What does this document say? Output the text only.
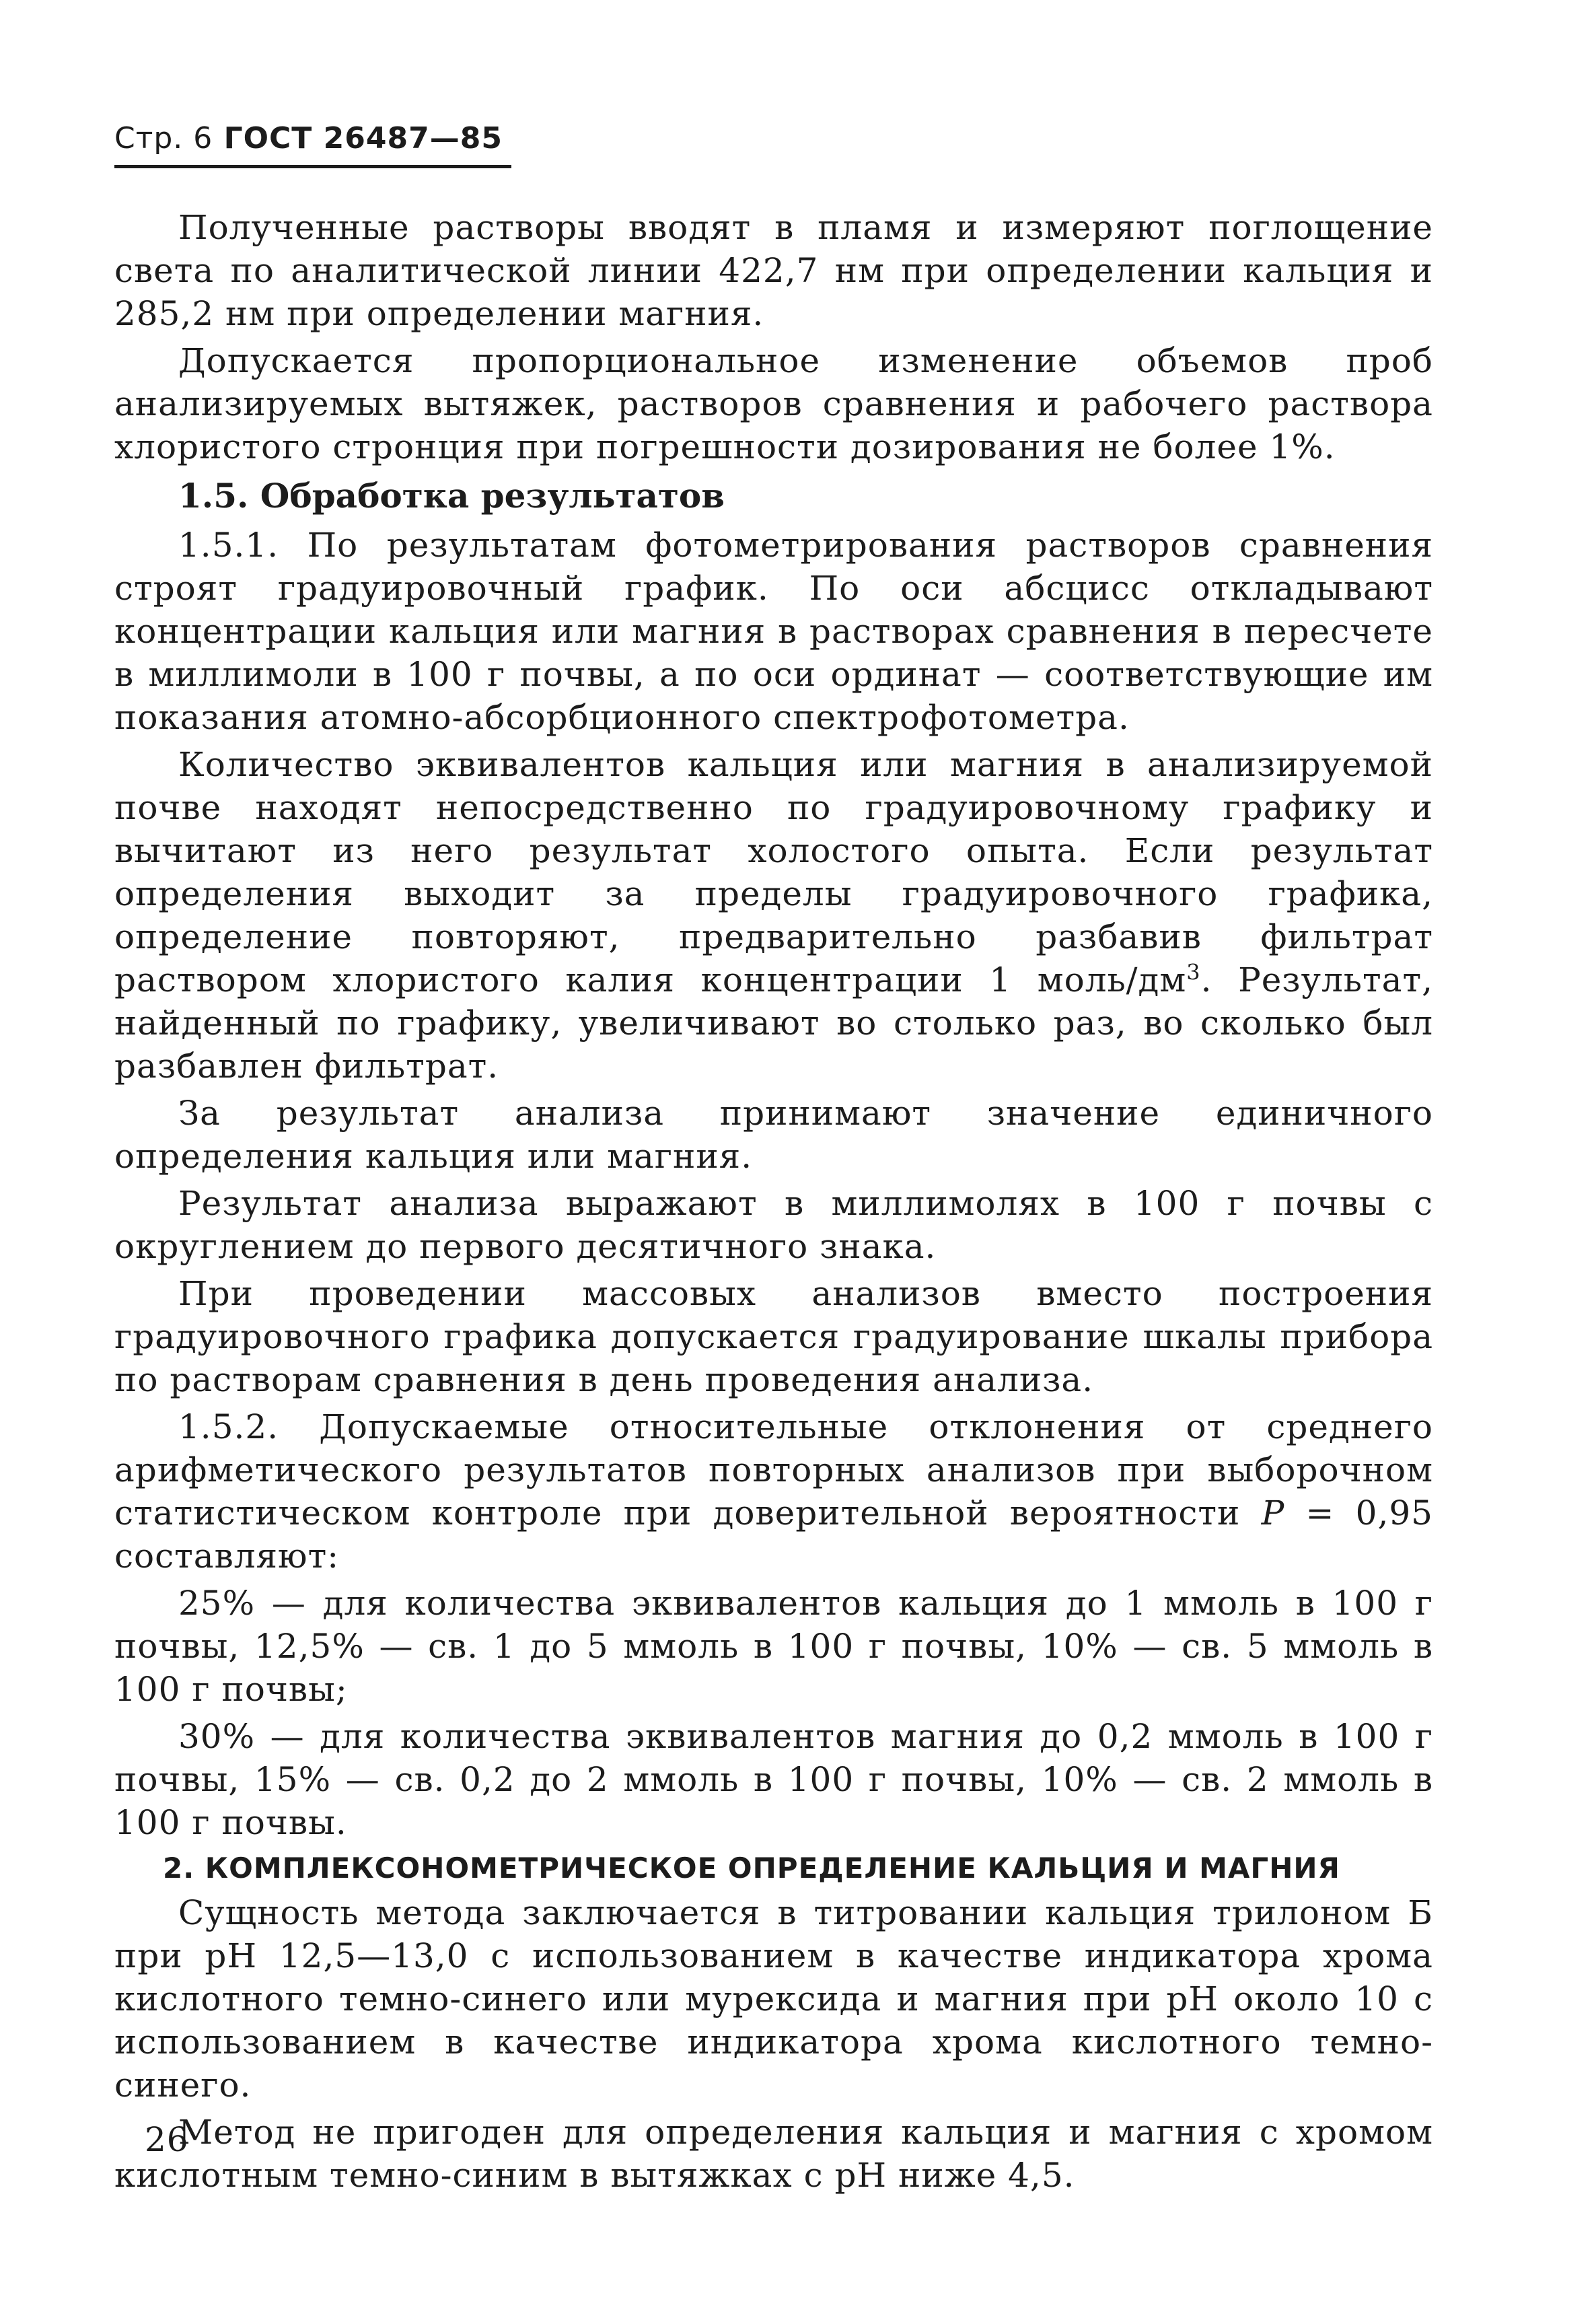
Стр. 6 ГОСТ 26487—85

Полученные растворы вводят в пламя и измеряют поглощение света по аналитической линии 422,7 нм при определении кальция и 285,2 нм при определении магния.

Допускается пропорциональное изменение объемов проб анализируемых вытяжек, растворов сравнения и рабочего раствора хлористого стронция при погрешности дозирования не более 1%.

1.5. Обработка результатов

1.5.1. По результатам фотометрирования растворов сравнения строят градуировочный график. По оси абсцисс откладывают концентрации кальция или магния в растворах сравнения в пересчете в миллимоли в 100 г почвы, а по оси ординат — соответствующие им показания атомно-абсорбционного спектрофотометра.

Количество эквивалентов кальция или магния в анализируемой почве находят непосредственно по градуировочному графику и вычитают из него результат холостого опыта. Если результат определения выходит за пределы градуировочного графика, определение повторяют, предварительно разбавив фильтрат раствором хлористого калия концентрации 1 моль/$дм^3$. Результат, найденный по графику, увеличивают во столько раз, во сколько был разбавлен фильтрат.

За результат анализа принимают значение единичного определения кальция или магния.

Результат анализа выражают в миллимолях в 100 г почвы с округлением до первого десятичного знака.

При проведении массовых анализов вместо построения градуировочного графика допускается градуирование шкалы прибора по растворам сравнения в день проведения анализа.

1.5.2. Допускаемые относительные отклонения от среднего арифметического результатов повторных анализов при выборочном статистическом контроле при доверительной вероятности P = 0,95 составляют:

25% — для количества эквивалентов кальция до 1 ммоль в 100 г почвы, 12,5% — св. 1 до 5 ммоль в 100 г почвы, 10% — св. 5 ммоль в 100 г почвы;

30% — для количества эквивалентов магния до 0,2 ммоль в 100 г почвы, 15% — св. 0,2 до 2 ммоль в 100 г почвы, 10% — св. 2 ммоль в 100 г почвы.

2. КОМПЛЕКСОНОМЕТРИЧЕСКОЕ ОПРЕДЕЛЕНИЕ КАЛЬЦИЯ И МАГНИЯ

Сущность метода заключается в титровании кальция трилоном Б при pH 12,5—13,0 с использованием в качестве индикатора хрома кислотного темно-синего или мурексида и магния при pH около 10 с использованием в качестве индикатора хрома кислотного темно-синего.

Метод не пригоден для определения кальция и магния с хромом кислотным темно-синим в вытяжках с pH ниже 4,5.

26
